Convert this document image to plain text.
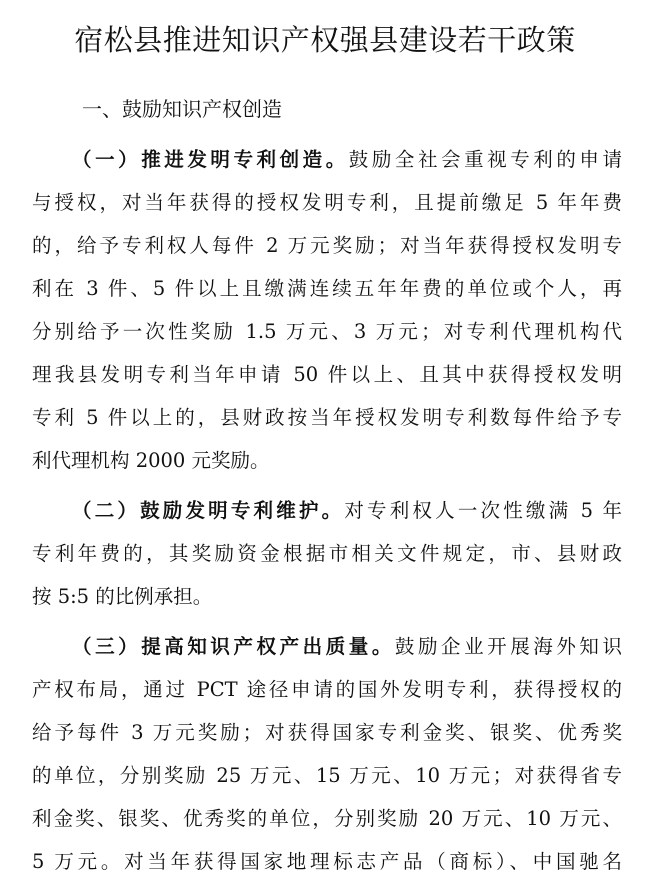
宿松县推进知识产权强县建设若干政策
一、鼓励知识产权创造
（一）推进发明专利创造。鼓励全社会重视专利的申请
与授权，对当年获得的授权发明专利，且提前缴足 5 年年费
的，给予专利权人每件 2 万元奖励；对当年获得授权发明专
利在 3 件、5 件以上且缴满连续五年年费的单位或个人，再
分别给予一次性奖励 1.5 万元、3 万元；对专利代理机构代
理我县发明专利当年申请 50 件以上、且其中获得授权发明
专利 5 件以上的，县财政按当年授权发明专利数每件给予专
利代理机构 2000 元奖励。
（二）鼓励发明专利维护。对专利权人一次性缴满 5 年
专利年费的，其奖励资金根据市相关文件规定，市、县财政
按 5:5 的比例承担。
（三）提高知识产权产出质量。鼓励企业开展海外知识
产权布局，通过 PCT 途径申请的国外发明专利，获得授权的
给予每件 3 万元奖励；对获得国家专利金奖、银奖、优秀奖
的单位，分别奖励 25 万元、15 万元、10 万元；对获得省专
利金奖、银奖、优秀奖的单位，分别奖励 20 万元、10 万元、
5 万元。对当年获得国家地理标志产品（商标）、中国驰名
